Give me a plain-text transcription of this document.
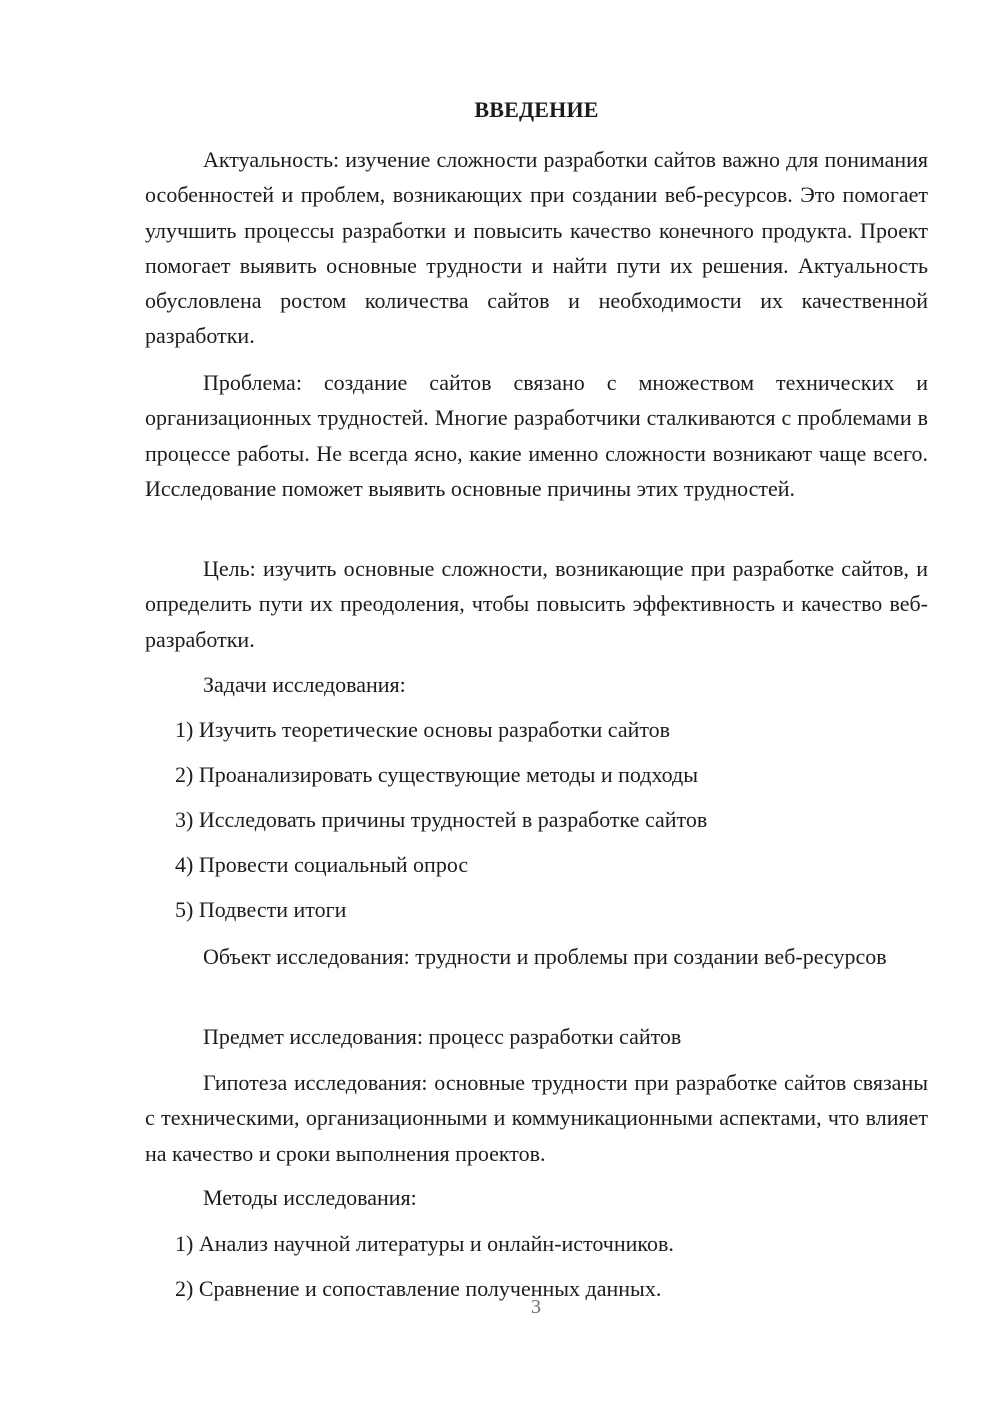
ВВЕДЕНИЕ

Актуальность: изучение сложности разработки сайтов важно для понимания особенностей и проблем, возникающих при создании веб-ресурсов. Это помогает улучшить процессы разработки и повысить качество конечного продукта. Проект помогает выявить основные трудности и найти пути их решения. Актуальность обусловлена ростом количества сайтов и необходимости их качественной разработки.

Проблема: создание сайтов связано с множеством технических и организационных трудностей. Многие разработчики сталкиваются с проблемами в процессе работы. Не всегда ясно, какие именно сложности возникают чаще всего. Исследование поможет выявить основные причины этих трудностей.

Цель: изучить основные сложности, возникающие при разработке сайтов, и определить пути их преодоления, чтобы повысить эффективность и качество веб-разработки.

Задачи исследования:

1) Изучить теоретические основы разработки сайтов

2) Проанализировать существующие методы и подходы

3) Исследовать причины трудностей в разработке сайтов

4) Провести социальный опрос

5) Подвести итоги

Объект исследования: трудности и проблемы при создании веб-ресурсов

Предмет исследования: процесс разработки сайтов

Гипотеза исследования: основные трудности при разработке сайтов связаны с техническими, организационными и коммуникационными аспектами, что влияет на качество и сроки выполнения проектов.

Методы исследования:

1) Анализ научной литературы и онлайн-источников.

2) Сравнение и сопоставление полученных данных.

3
